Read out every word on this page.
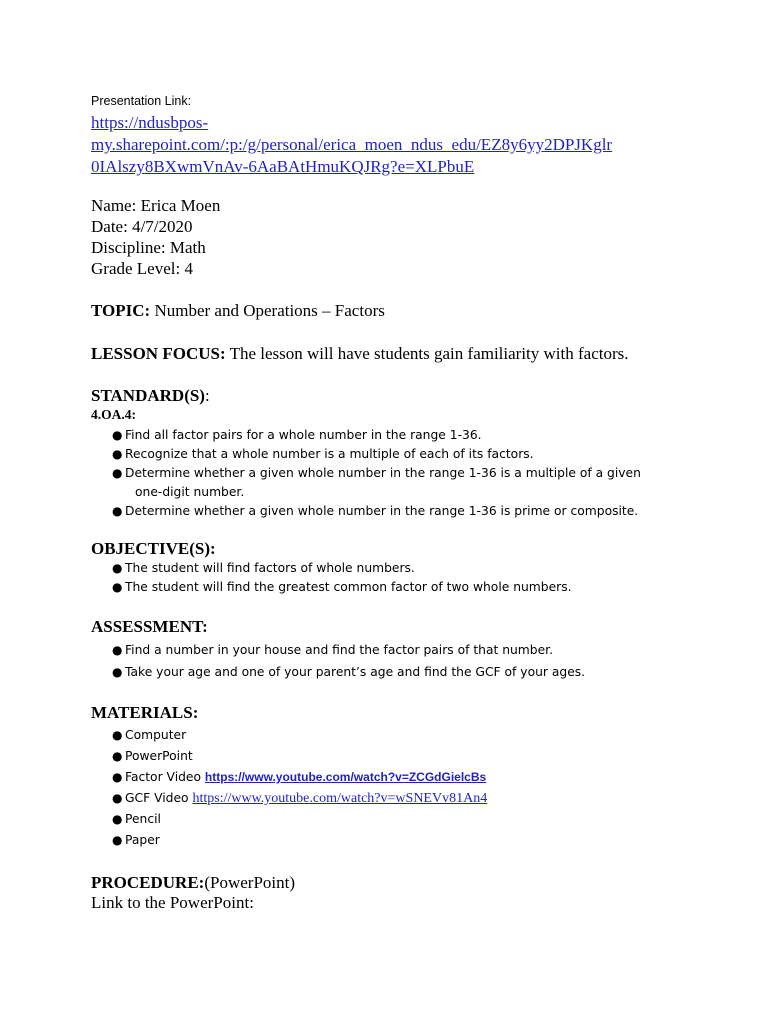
Presentation Link:
https://ndusbpos-
my.sharepoint.com/:p:/g/personal/erica_moen_ndus_edu/EZ8y6yy2DPJKglr
0IAlszy8BXwmVnAv-6AaBAtHmuKQJRg?e=XLPbuE
Name: Erica Moen
Date: 4/7/2020
Discipline: Math
Grade Level: 4
TOPIC: Number and Operations – Factors
LESSON FOCUS: The lesson will have students gain familiarity with factors.
STANDARD(S):
4.OA.4:
● Find all factor pairs for a whole number in the range 1-36.
● Recognize that a whole number is a multiple of each of its factors.
● Determine whether a given whole number in the range 1-36 is a multiple of a given
one-digit number.
● Determine whether a given whole number in the range 1-36 is prime or composite.
OBJECTIVE(S):
● The student will find factors of whole numbers.
● The student will find the greatest common factor of two whole numbers.
ASSESSMENT:
● Find a number in your house and find the factor pairs of that number.
● Take your age and one of your parent’s age and find the GCF of your ages.
MATERIALS:
● Computer
● PowerPoint
● Factor Video https://www.youtube.com/watch?v=ZCGdGielcBs
● GCF Video https://www.youtube.com/watch?v=wSNEVv81An4
● Pencil
● Paper
PROCEDURE:(PowerPoint)
Link to the PowerPoint:
